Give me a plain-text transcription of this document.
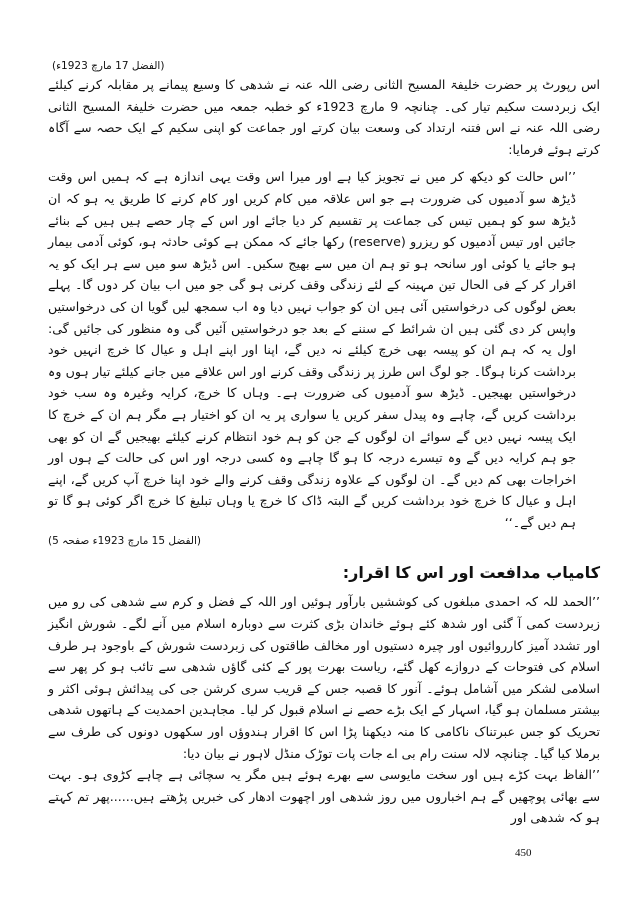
(الفضل 17 مارچ 1923ء)

اس رپورٹ پر حضرت خلیفۃ المسیح الثانی رضی اللہ عنہ نے شدھی کا وسیع پیمانے پر مقابلہ کرنے کیلئے ایک زبردست سکیم تیار کی۔ چنانچہ 9 مارچ 1923ء کو خطبہ جمعہ میں حضرت خلیفۃ المسیح الثانی رضی اللہ عنہ نے اس فتنہ ارتداد کی وسعت بیان کرتے اور جماعت کو اپنی سکیم کے ایک حصہ سے آگاہ کرتے ہوئے فرمایا:

’’اس حالت کو دیکھ کر میں نے تجویز کیا ہے اور میرا اس وقت یہی اندازہ ہے کہ ہمیں اس وقت ڈیڑھ سو آدمیوں کی ضرورت ہے جو اس علاقہ میں کام کریں اور کام کرنے کا طریق یہ ہو کہ ان ڈیڑھ سو کو ہمیں تیس کی جماعت پر تقسیم کر دیا جائے اور اس کے چار حصے ہیں ہیں کے بنائے جائیں اور تیس آدمیوں کو ریزرو (reserve) رکھا جائے کہ ممکن ہے کوئی حادثہ ہو، کوئی آدمی بیمار ہو جائے یا کوئی اور سانحہ ہو تو ہم ان میں سے بھیج سکیں۔ اس ڈیڑھ سو میں سے ہر ایک کو یہ اقرار کر کے فی الحال تین مہینہ کے لئے زندگی وقف کرنی ہو گی جو میں اب بیان کر دوں گا۔ پہلے بعض لوگوں کی درخواستیں آئی ہیں ان کو جواب نہیں دیا وہ اب سمجھ لیں گویا ان کی درخواستیں واپس کر دی گئی ہیں ان شرائط کے سننے کے بعد جو درخواستیں آئیں گی وہ منظور کی جائیں گی: اول یہ کہ ہم ان کو پیسہ بھی خرچ کیلئے نہ دیں گے، اپنا اور اپنے اہل و عیال کا خرچ انہیں خود برداشت کرنا ہوگا۔ جو لوگ اس طرز پر زندگی وقف کرنے اور اس علاقے میں جانے کیلئے تیار ہوں وہ درخواستیں بھیجیں۔ ڈیڑھ سو آدمیوں کی ضرورت ہے۔ وہاں کا خرچ، کرایہ وغیرہ وہ سب خود برداشت کریں گے، چاہے وہ پیدل سفر کریں یا سواری پر یہ ان کو اختیار ہے مگر ہم ان کے خرچ کا ایک پیسہ نہیں دیں گے سوائے ان لوگوں کے جن کو ہم خود انتظام کرنے کیلئے بھیجیں گے ان کو بھی جو ہم کرایہ دیں گے وہ تیسرے درجہ کا ہو گا چاہے وہ کسی درجہ اور اس کی حالت کے ہوں اور اخراجات بھی کم دیں گے۔ ان لوگوں کے علاوہ زندگی وقف کرنے والے خود اپنا خرچ آپ کریں گے، اپنے اہل و عیال کا خرچ خود برداشت کریں گے البتہ ڈاک کا خرچ یا وہاں تبلیغ کا خرچ اگر کوئی ہو گا تو ہم دیں گے۔‘‘

(الفضل 15 مارچ 1923ء صفحہ 5)
کامیاب مدافعت اور اس کا اقرار:

’’الحمد للہ کہ احمدی مبلغوں کی کوششیں بارآور ہوئیں اور اللہ کے فضل و کرم سے شدھی کی رو میں زبردست کمی آ گئی اور شدھ کئے ہوئے خاندان بڑی کثرت سے دوبارہ اسلام میں آنے لگے۔ شورش انگیز اور تشدد آمیز کارروائیوں اور چیرہ دستیوں اور مخالف طاقتوں کی زبردست شورش کے باوجود ہر طرف اسلام کی فتوحات کے دروازے کھل گئے، ریاست بھرت پور کے کئی گاؤں شدھی سے تائب ہو کر پھر سے اسلامی لشکر میں آشامل ہوئے۔ آنور کا قصبہ جس کے قریب سری کرشن جی کی پیدائش ہوئی اکثر و بیشتر مسلمان ہو گیا، اسہار کے ایک بڑے حصے نے اسلام قبول کر لیا۔ مجاہدین احمدیت کے ہاتھوں شدھی تحریک کو جس عبرتناک ناکامی کا منہ دیکھنا پڑا اس کا اقرار ہندوؤں اور سکھوں دونوں کی طرف سے برملا کیا گیا۔ چنانچہ لالہ سنت رام بی اے جات پات توڑک منڈل لاہور نے بیان دیا:

’’الفاظ بہت کڑے ہیں اور سخت مایوسی سے بھرے ہوئے ہیں مگر یہ سچائی ہے چاہے کڑوی ہو۔ بہت سے بھائی پوچھیں گے ہم اخباروں میں روز شدھی اور اچھوت ادھار کی خبریں پڑھتے ہیں......پھر تم کہتے ہو کہ شدھی اور

450
